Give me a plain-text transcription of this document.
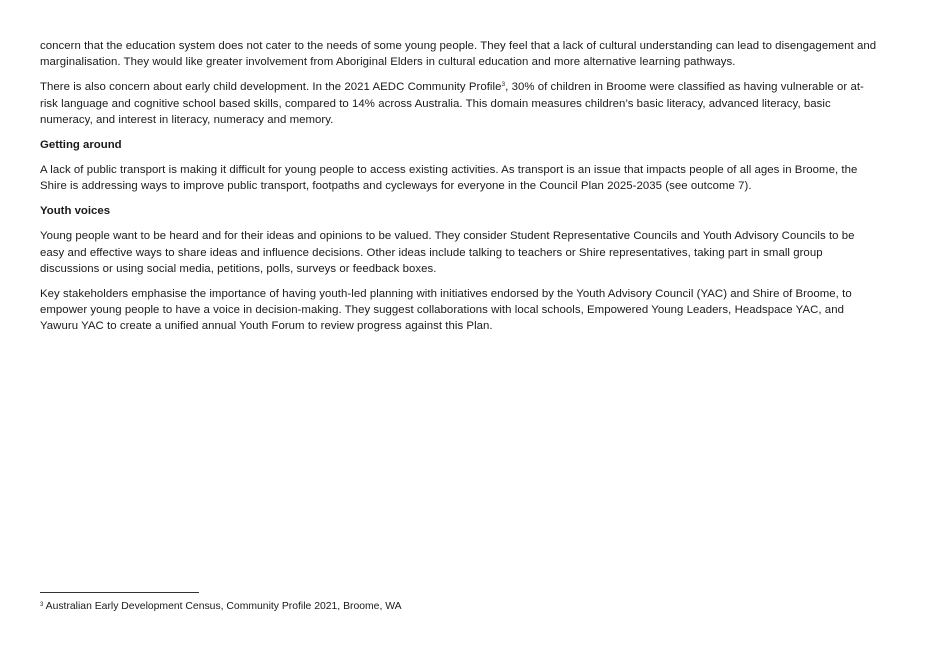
concern that the education system does not cater to the needs of some young people. They feel that a lack of cultural understanding can lead to disengagement and marginalisation. They would like greater involvement from Aboriginal Elders in cultural education and more alternative learning pathways.

There is also concern about early child development. In the 2021 AEDC Community Profile$^3$, 30% of children in Broome were classified as having vulnerable or at-risk language and cognitive school based skills, compared to 14% across Australia. This domain measures children’s basic literacy, advanced literacy, basic numeracy, and interest in literacy, numeracy and memory.

Getting around

A lack of public transport is making it difficult for young people to access existing activities. As transport is an issue that impacts people of all ages in Broome, the Shire is addressing ways to improve public transport, footpaths and cycleways for everyone in the Council Plan 2025-2035 (see outcome 7).

Youth voices

Young people want to be heard and for their ideas and opinions to be valued. They consider Student Representative Councils and Youth Advisory Councils to be easy and effective ways to share ideas and influence decisions. Other ideas include talking to teachers or Shire representatives, taking part in small group discussions or using social media, petitions, polls, surveys or feedback boxes.

Key stakeholders emphasise the importance of having youth-led planning with initiatives endorsed by the Youth Advisory Council (YAC) and Shire of Broome, to empower young people to have a voice in decision-making. They suggest collaborations with local schools, Empowered Young Leaders, Headspace YAC, and Yawuru YAC to create a unified annual Youth Forum to review progress against this Plan.

$^3$ Australian Early Development Census, Community Profile 2021, Broome, WA
